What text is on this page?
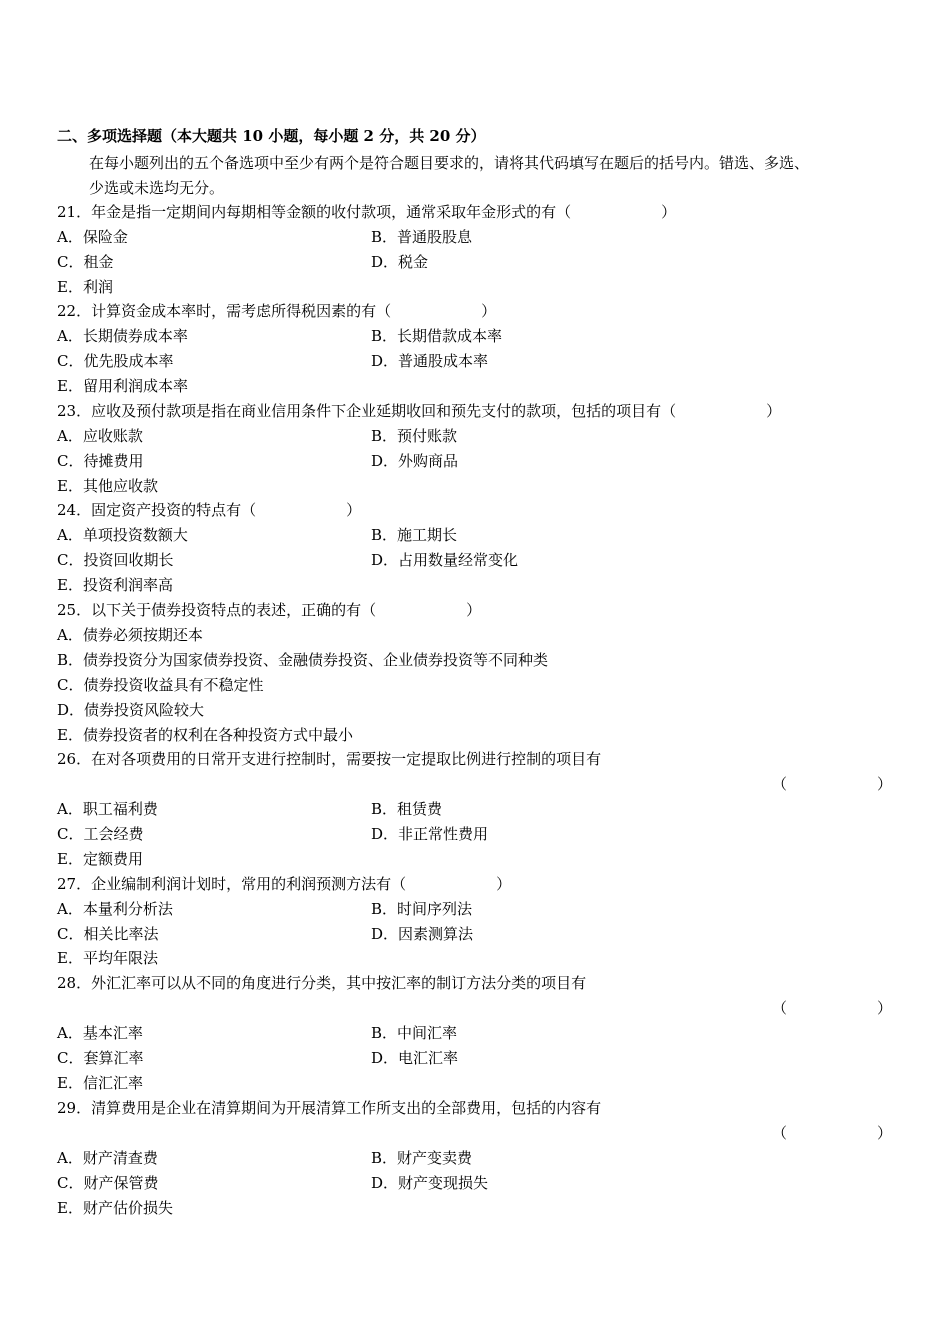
二、多项选择题（本大题共 10 小题，每小题 2 分，共 20 分）
在每小题列出的五个备选项中至少有两个是符合题目要求的，请将其代码填写在题后的括号内。错选、多选、
少选或未选均无分。
21．年金是指一定期间内每期相等金额的收付款项，通常采取年金形式的有（　　　　　　）
A．保险金	B．普通股股息
C．租金	D．税金
E．利润
22．计算资金成本率时，需考虑所得税因素的有（　　　　　　）
A．长期债券成本率	B．长期借款成本率
C．优先股成本率	D．普通股成本率
E．留用利润成本率
23．应收及预付款项是指在商业信用条件下企业延期收回和预先支付的款项，包括的项目有（　　　　　　）
A．应收账款	B．预付账款
C．待摊费用	D．外购商品
E．其他应收款
24．固定资产投资的特点有（　　　　　　）
A．单项投资数额大	B．施工期长
C．投资回收期长	D．占用数量经常变化
E．投资利润率高
25．以下关于债券投资特点的表述，正确的有（　　　　　　）
A．债券必须按期还本
B．债券投资分为国家债券投资、金融债券投资、企业债券投资等不同种类
C．债券投资收益具有不稳定性
D．债券投资风险较大
E．债券投资者的权利在各种投资方式中最小
26．在对各项费用的日常开支进行控制时，需要按一定提取比例进行控制的项目有
（　　　　　　）
A．职工福利费	B．租赁费
C．工会经费	D．非正常性费用
E．定额费用
27．企业编制利润计划时，常用的利润预测方法有（　　　　　　）
A．本量利分析法	B．时间序列法
C．相关比率法	D．因素测算法
E．平均年限法
28．外汇汇率可以从不同的角度进行分类，其中按汇率的制订方法分类的项目有
（　　　　　　）
A．基本汇率	B．中间汇率
C．套算汇率	D．电汇汇率
E．信汇汇率
29．清算费用是企业在清算期间为开展清算工作所支出的全部费用，包括的内容有
（　　　　　　）
A．财产清查费	B．财产变卖费
C．财产保管费	D．财产变现损失
E．财产估价损失
